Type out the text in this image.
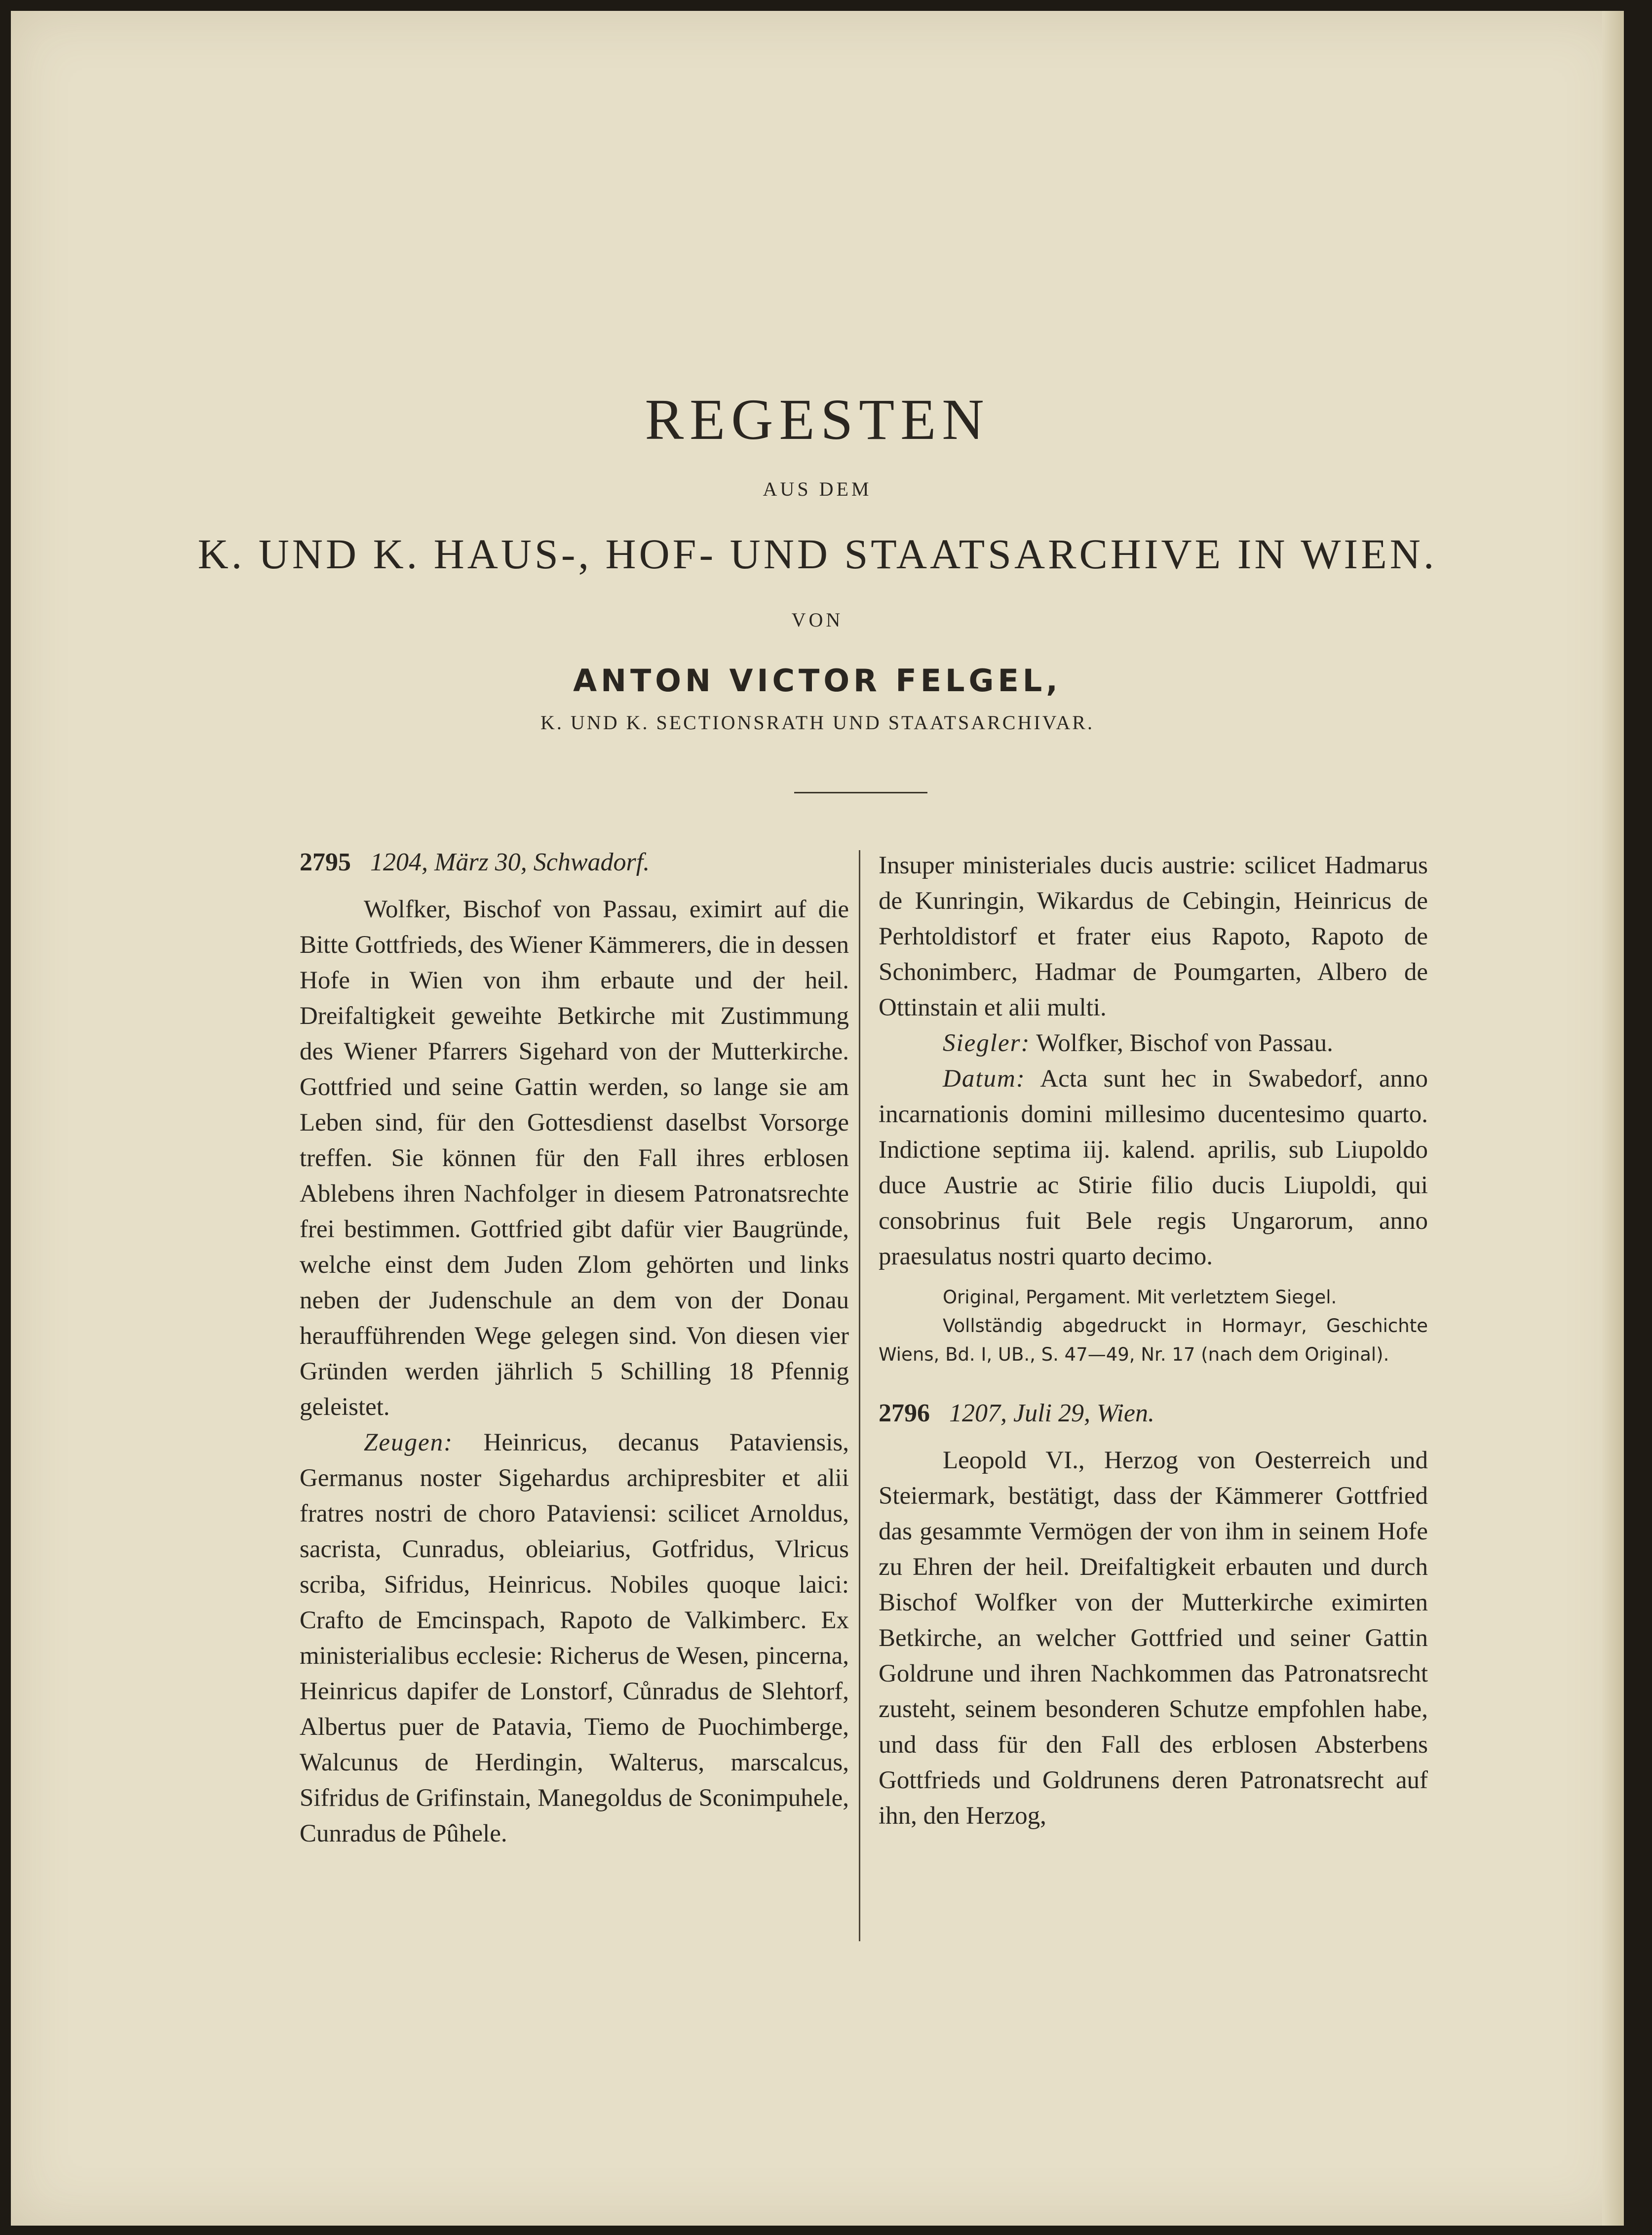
REGESTEN
AUS DEM
K. UND K. HAUS-, HOF- UND STAATSARCHIVE IN WIEN.
VON
ANTON VICTOR FELGEL,
K. UND K. SECTIONSRATH UND STAATSARCHIVAR.
2795 1204, März 30, Schwadorf.

Wolfker, Bischof von Passau, eximirt auf die Bitte Gottfrieds, des Wiener Kämmerers, die in dessen Hofe in Wien von ihm erbaute und der heil. Dreifaltigkeit geweihte Betkirche mit Zustimmung des Wiener Pfarrers Sigehard von der Mutterkirche. Gottfried und seine Gattin werden, so lange sie am Leben sind, für den Gottesdienst daselbst Vorsorge treffen. Sie können für den Fall ihres erblosen Ablebens ihren Nachfolger in diesem Patronatsrechte frei bestimmen. Gottfried gibt dafür vier Baugründe, welche einst dem Juden Zlom gehörten und links neben der Judenschule an dem von der Donau heraufführenden Wege gelegen sind. Von diesen vier Gründen werden jährlich 5 Schilling 18 Pfennig geleistet.

Zeugen: Heinricus, decanus Pataviensis, Germanus noster Sigehardus archipresbiter et alii fratres nostri de choro Pataviensi: scilicet Arnoldus, sacrista, Cunradus, obleiarius, Gotfridus, Vlricus scriba, Sifridus, Heinricus. Nobiles quoque laici: Crafto de Emcinspach, Rapoto de Valkimberc. Ex ministerialibus ecclesie: Richerus de Wesen, pincerna, Heinricus dapifer de Lonstorf, Cůnradus de Slehtorf, Albertus puer de Patavia, Tiemo de Puochimberge, Walcunus de Herdingin, Walterus, marscalcus, Sifridus de Grifinstain, Manegoldus de Sconimpuhele, Cunradus de Pûhele.

Insuper ministeriales ducis austrie: scilicet Hadmarus de Kunringin, Wikardus de Cebingin, Heinricus de Perhtoldistorf et frater eius Rapoto, Rapoto de Schonimberc, Hadmar de Poumgarten, Albero de Ottinstain et alii multi.

Siegler: Wolfker, Bischof von Passau.

Datum: Acta sunt hec in Swabedorf, anno incarnationis domini millesimo ducentesimo quarto. Indictione septima iij. kalend. aprilis, sub Liupoldo duce Austrie ac Stirie filio ducis Liupoldi, qui consobrinus fuit Bele regis Ungarorum, anno praesulatus nostri quarto decimo.

Original, Pergament. Mit verletztem Siegel.

Vollständig abgedruckt in Hormayr, Geschichte Wiens, Bd. I, UB., S. 47—49, Nr. 17 (nach dem Original).

2796 1207, Juli 29, Wien.

Leopold VI., Herzog von Oesterreich und Steiermark, bestätigt, dass der Kämmerer Gottfried das gesammte Vermögen der von ihm in seinem Hofe zu Ehren der heil. Dreifaltigkeit erbauten und durch Bischof Wolfker von der Mutterkirche eximirten Betkirche, an welcher Gottfried und seiner Gattin Goldrune und ihren Nachkommen das Patronatsrecht zusteht, seinem besonderen Schutze empfohlen habe, und dass für den Fall des erblosen Absterbens Gottfrieds und Goldrunens deren Patronatsrecht auf ihn, den Herzog,
